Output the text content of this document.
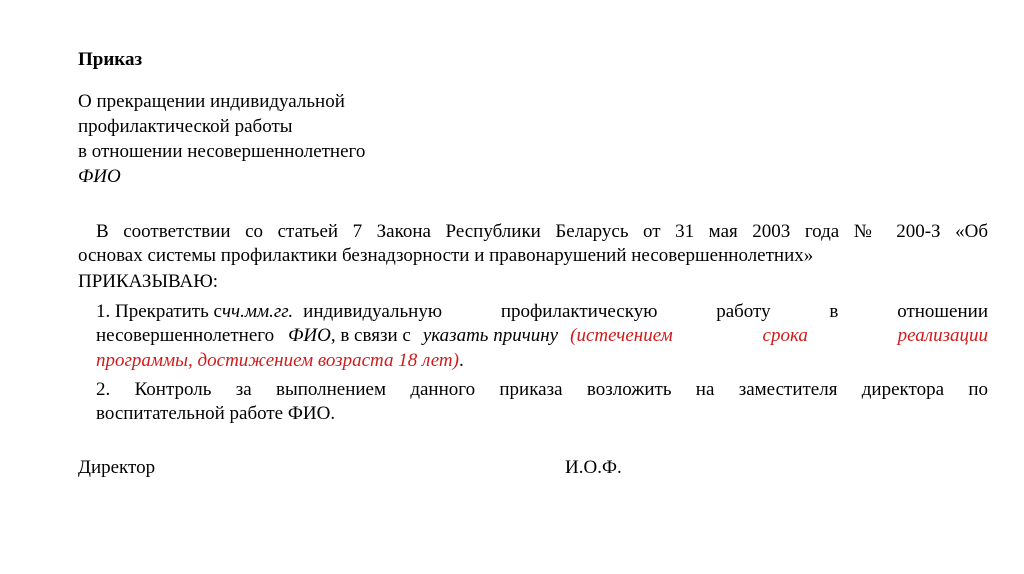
Приказ
О прекращении индивидуальной
профилактической работы
в отношении несовершеннолетнего
ФИО
В соответствии со статьей 7 Закона Республики Беларусь от 31 мая 2003 года № 200-З «Об
основах системы профилактики безнадзорности и правонарушений несовершеннолетних»
ПРИКАЗЫВАЮ:
1. Прекратить с чч.мм.гг. индивидуальную профилактическую работу в отношении
несовершеннолетнего ФИО , в связи с указать причину (истечением срока реализации
программы, достижением возраста 18 лет).
2. Контроль за выполнением данного приказа возложить на заместителя директора по
воспитательной работе ФИО.
Директор	И.О.Ф.
